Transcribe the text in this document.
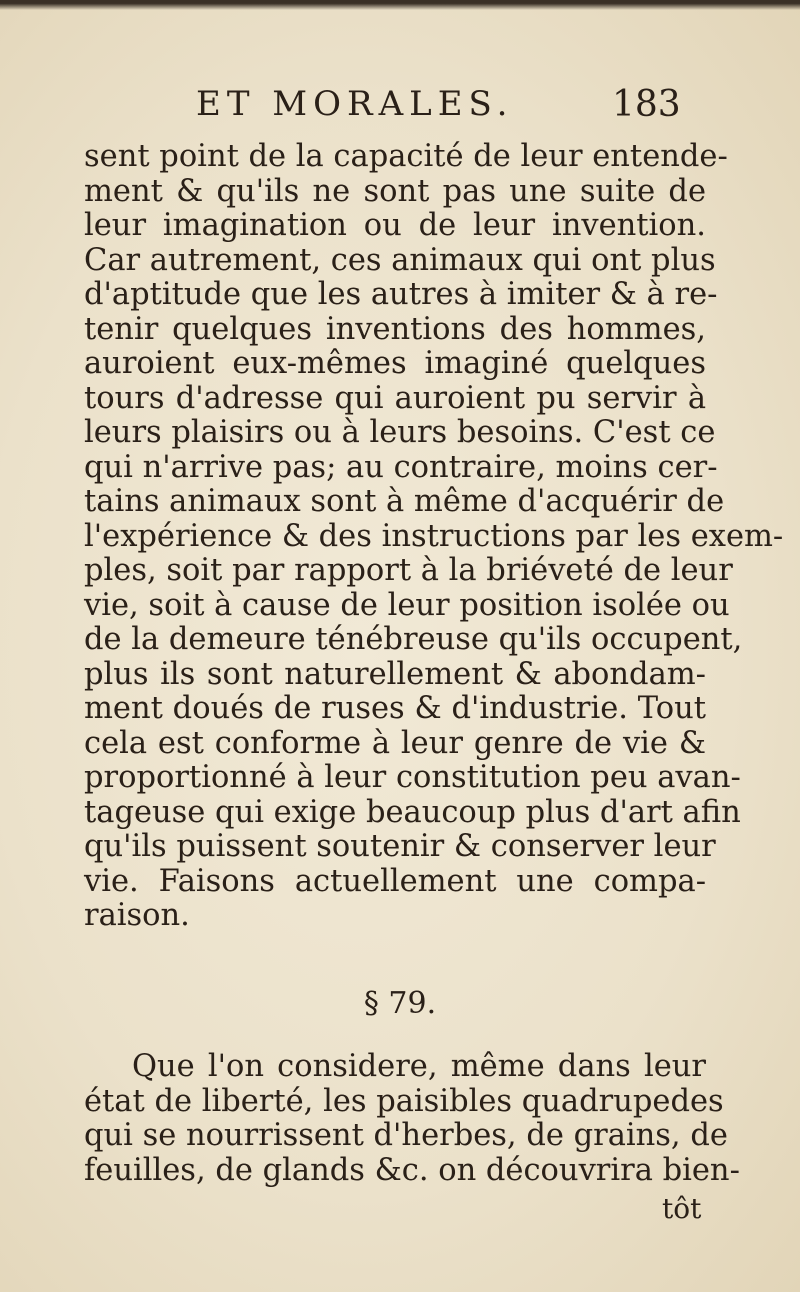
ET MORALES.	183
sent point de la capacité de leur entende-
ment & qu'ils ne sont pas une suite de
leur imagination ou de leur invention.
Car autrement, ces animaux qui ont plus
d'aptitude que les autres à imiter & à re-
tenir quelques inventions des hommes,
auroient eux-mêmes imaginé quelques
tours d'adresse qui auroient pu servir à
leurs plaisirs ou à leurs besoins. C'est ce
qui n'arrive pas; au contraire, moins cer-
tains animaux sont à même d'acquérir de
l'expérience & des instructions par les exem-
ples, soit par rapport à la briéveté de leur
vie, soit à cause de leur position isolée ou
de la demeure ténébreuse qu'ils occupent,
plus ils sont naturellement & abondam-
ment doués de ruses & d'industrie. Tout
cela est conforme à leur genre de vie &
proportionné à leur constitution peu avan-
tageuse qui exige beaucoup plus d'art afin
qu'ils puissent soutenir & conserver leur
vie. Faisons actuellement une compa-
raison.
§ 79.
Que l'on considere, même dans leur
état de liberté, les paisibles quadrupedes
qui se nourrissent d'herbes, de grains, de
feuilles, de glands &c. on découvrira bien-
tôt
